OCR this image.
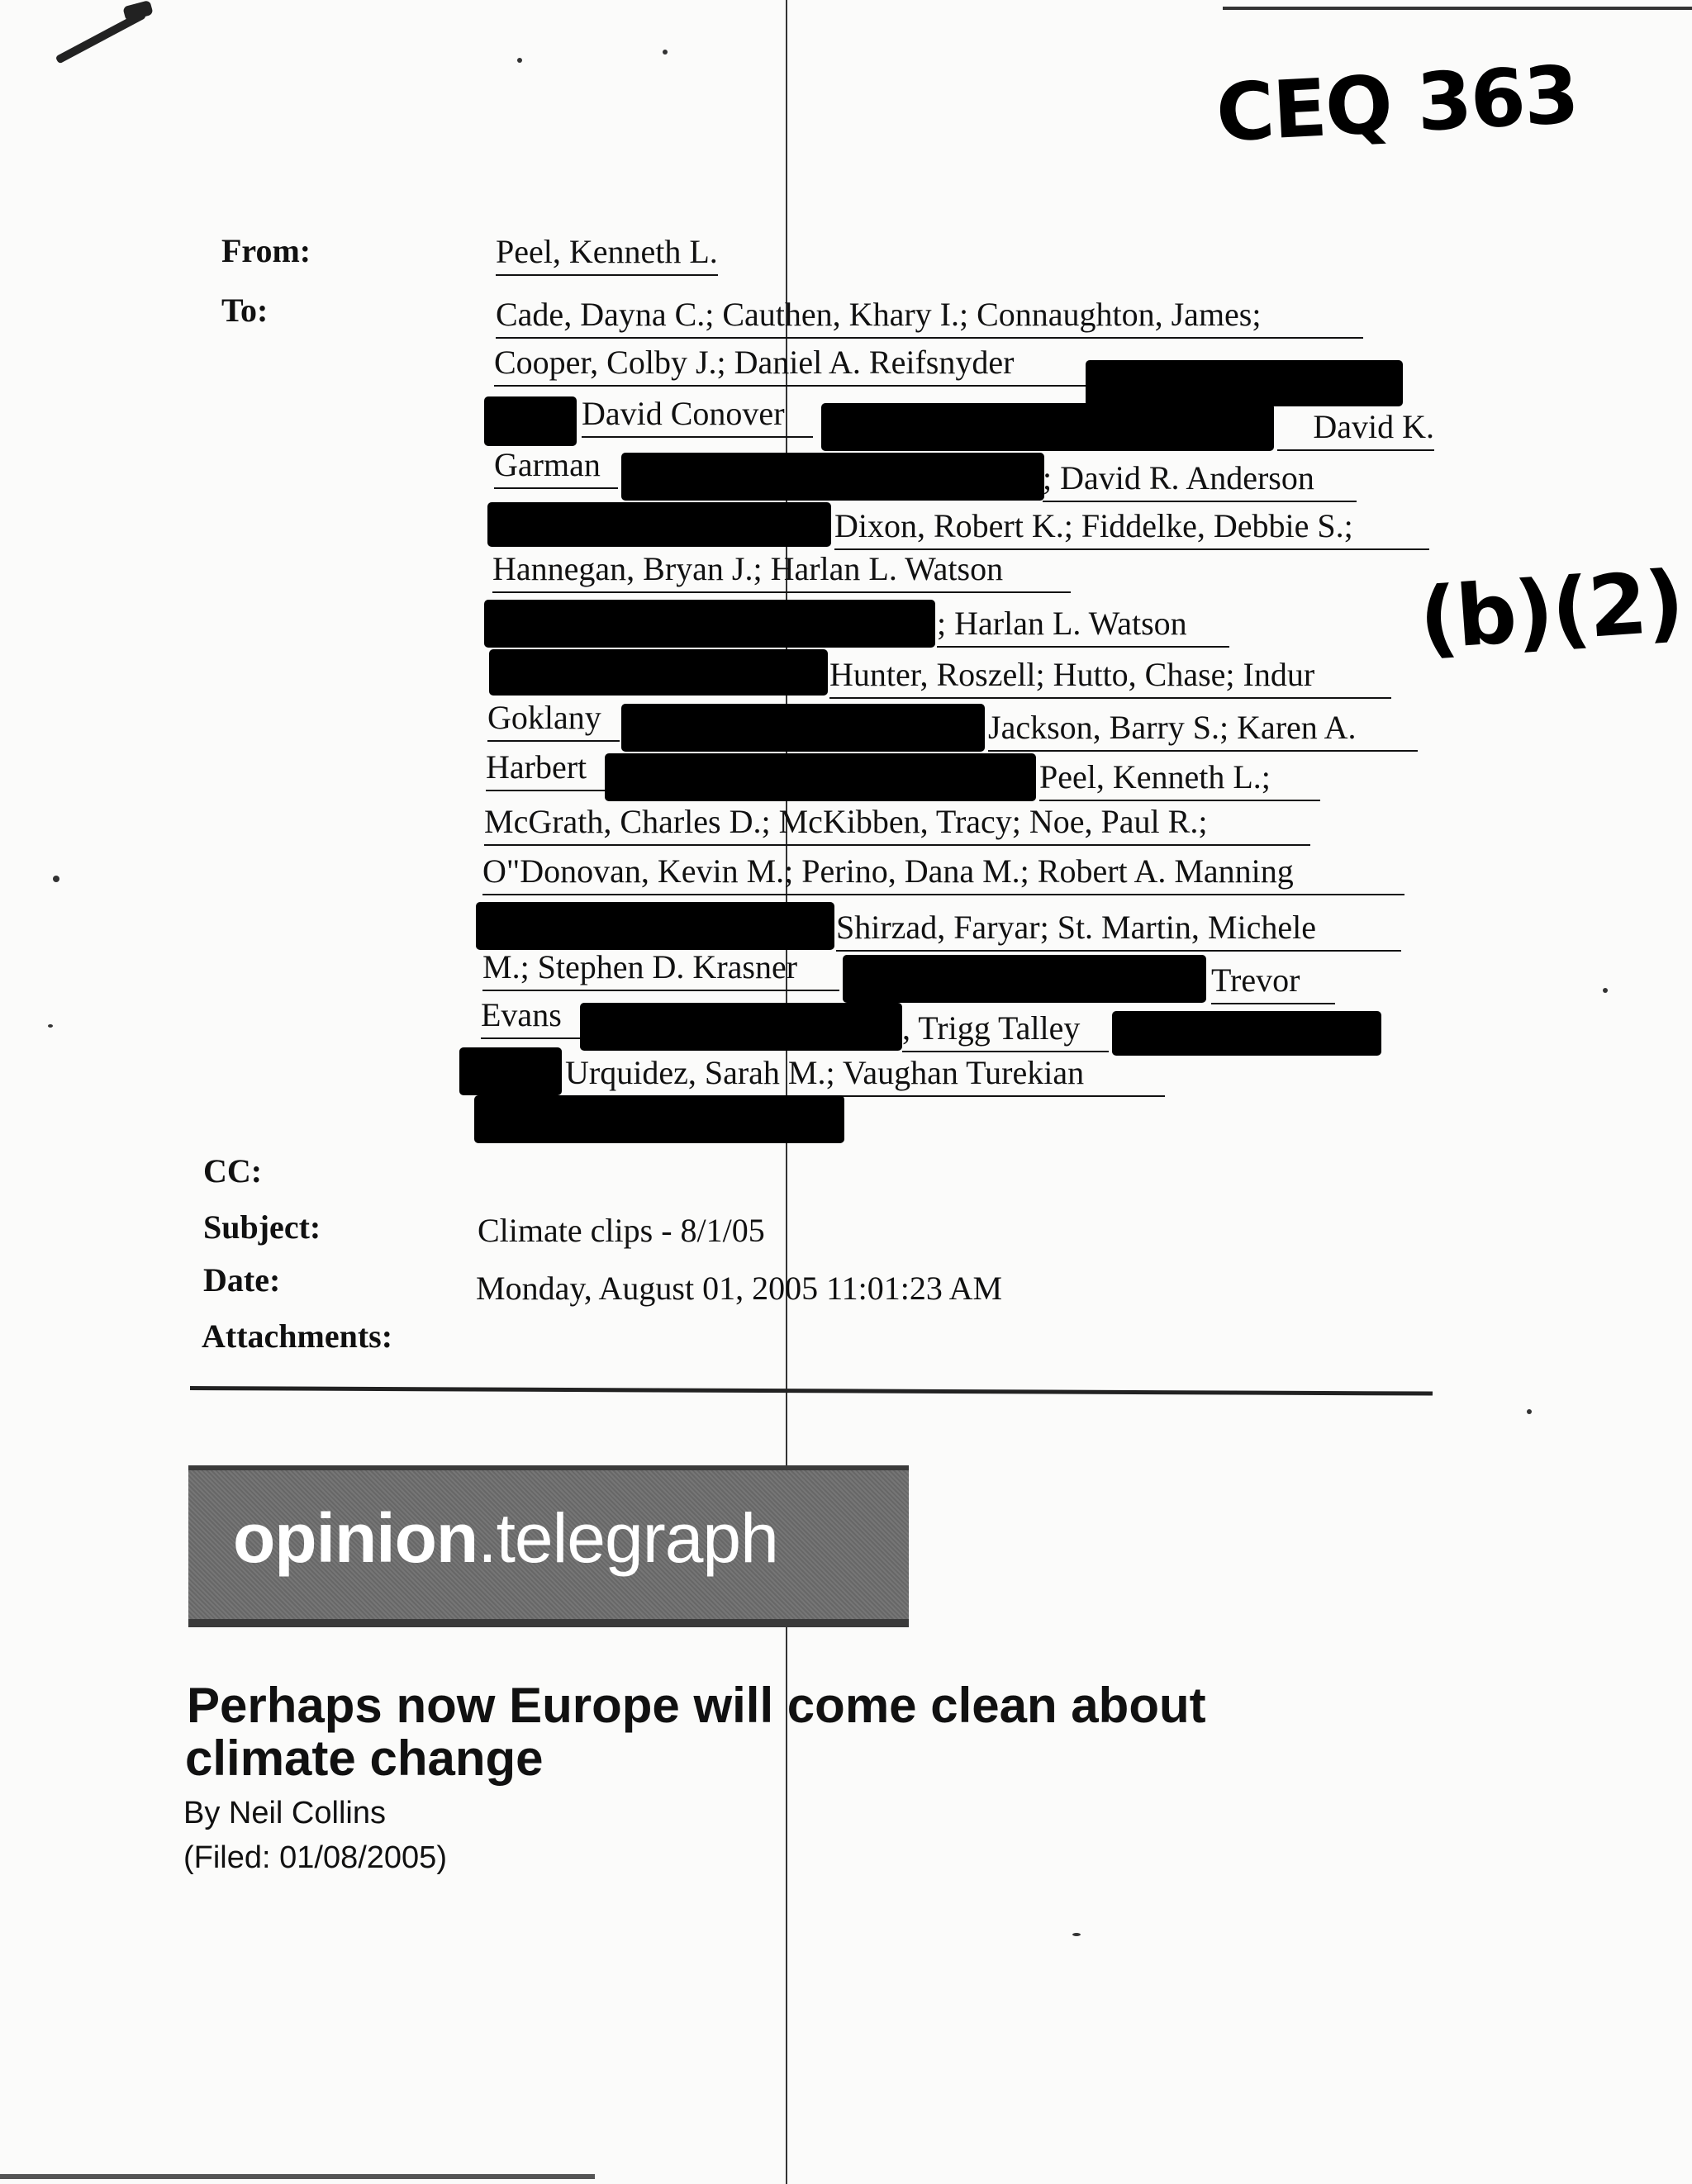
CEQ 363
(b)(2)
From:	Peel, Kenneth L.
To:	Cade, Dayna C.; Cauthen, Khary I.; Connaughton, James;
Cooper, Colby J.; Daniel A. Reifsnyder
David Conover	David K.
Garman	; David R. Anderson
Dixon, Robert K.; Fiddelke, Debbie S.;
Hannegan, Bryan J.; Harlan L. Watson
; Harlan L. Watson
Hunter, Roszell; Hutto, Chase; Indur
Goklany	Jackson, Barry S.; Karen A.
Harbert	Peel, Kenneth L.;
McGrath, Charles D.; McKibben, Tracy; Noe, Paul R.;
O"Donovan, Kevin M.; Perino, Dana M.; Robert A. Manning
Shirzad, Faryar; St. Martin, Michele
M.; Stephen D. Krasner	Trevor
Evans	, Trigg Talley
Urquidez, Sarah M.; Vaughan Turekian
CC:
Subject:	Climate clips - 8/1/05
Date:	Monday, August 01, 2005 11:01:23 AM
Attachments:
opinion.telegraph
Perhaps now Europe will come clean about
climate change
By Neil Collins
(Filed: 01/08/2005)
